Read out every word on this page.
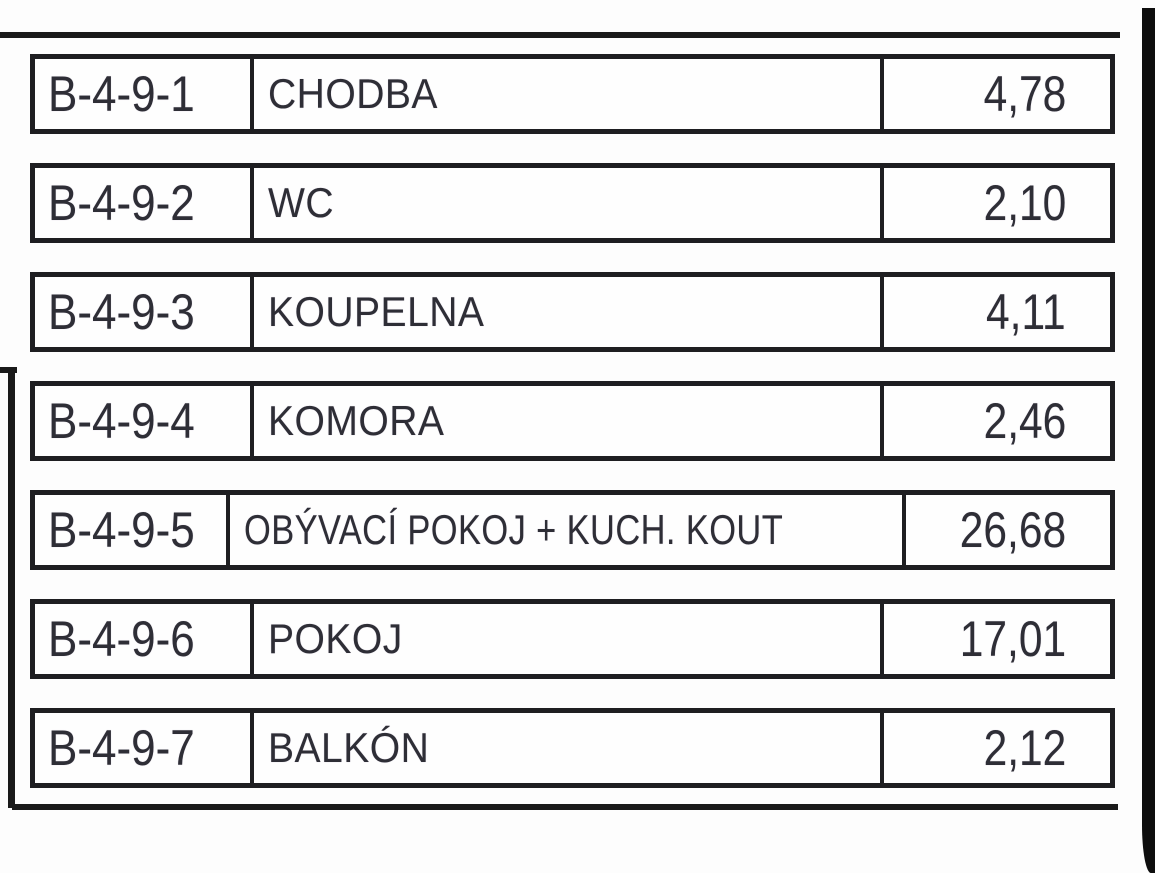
B-4-9-1 CHODBA	4,78
B-4-9-2 WC	2,10
B-4-9-3 KOUPELNA	4,11
B-4-9-4 KOMORA	2,46
B-4-9-5 OBÝVACÍ POKOJ + KUCH. KOUT	26,68
B-4-9-6 POKOJ	17,01
B-4-9-7 BALKÓN	2,12
